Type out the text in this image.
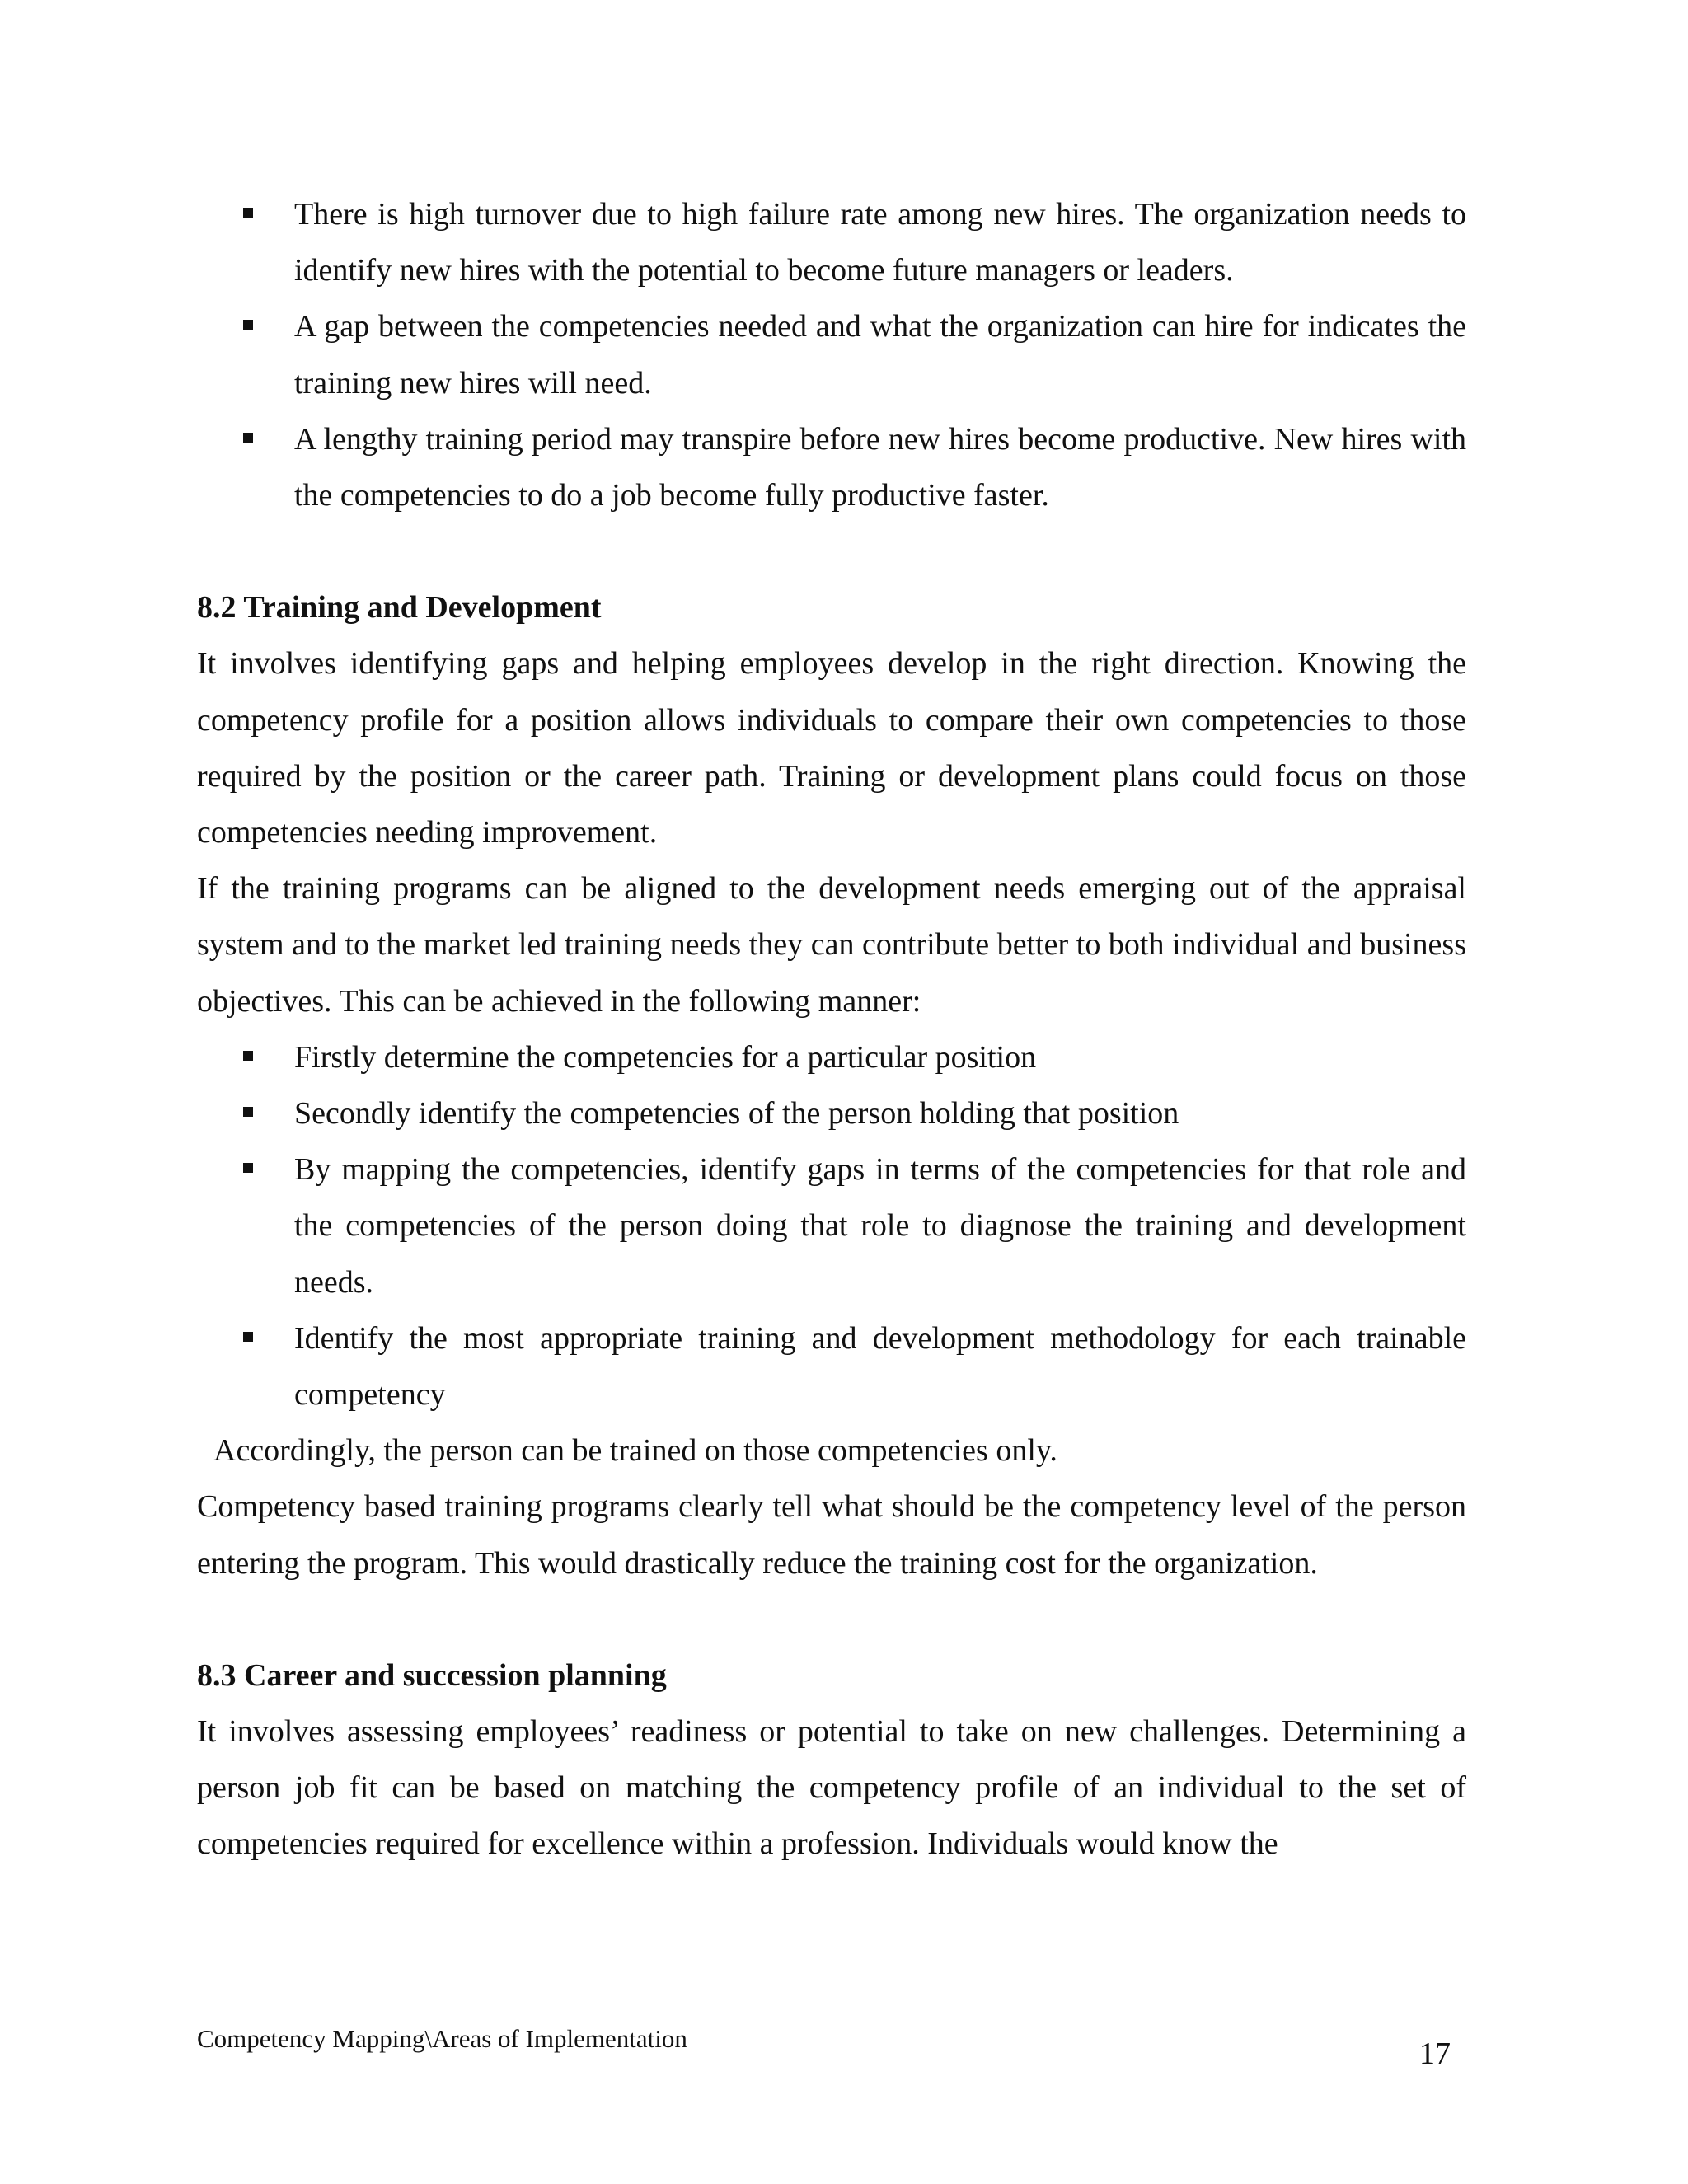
There is high turnover due to high failure rate among new hires. The organization needs to identify new hires with the potential to become future managers or leaders.
A gap between the competencies needed and what the organization can hire for indicates the training new hires will need.
A lengthy training period may transpire before new hires become productive. New hires with the competencies to do a job become fully productive faster.
8.2 Training and Development

It involves identifying gaps and helping employees develop in the right direction. Knowing the competency profile for a position allows individuals to compare their own competencies to those required by the position or the career path. Training or development plans could focus on those competencies needing improvement.

If the training programs can be aligned to the development needs emerging out of the appraisal system and to the market led training needs they can contribute better to both individual and business objectives. This can be achieved in the following manner:

Firstly determine the competencies for a particular position
Secondly identify the competencies of the person holding that position
By mapping the competencies, identify gaps in terms of the competencies for that role and the competencies of the person doing that role to diagnose the training and development needs.
Identify the most appropriate training and development methodology for each trainable competency

Accordingly, the person can be trained on those competencies only.

Competency based training programs clearly tell what should be the competency level of the person entering the program. This would drastically reduce the training cost for the organization.

8.3 Career and succession planning

It involves assessing employees’ readiness or potential to take on new challenges. Determining a person job fit can be based on matching the competency profile of an individual to the set of competencies required for excellence within a profession. Individuals would know the

Competency Mapping\Areas of Implementation	17
